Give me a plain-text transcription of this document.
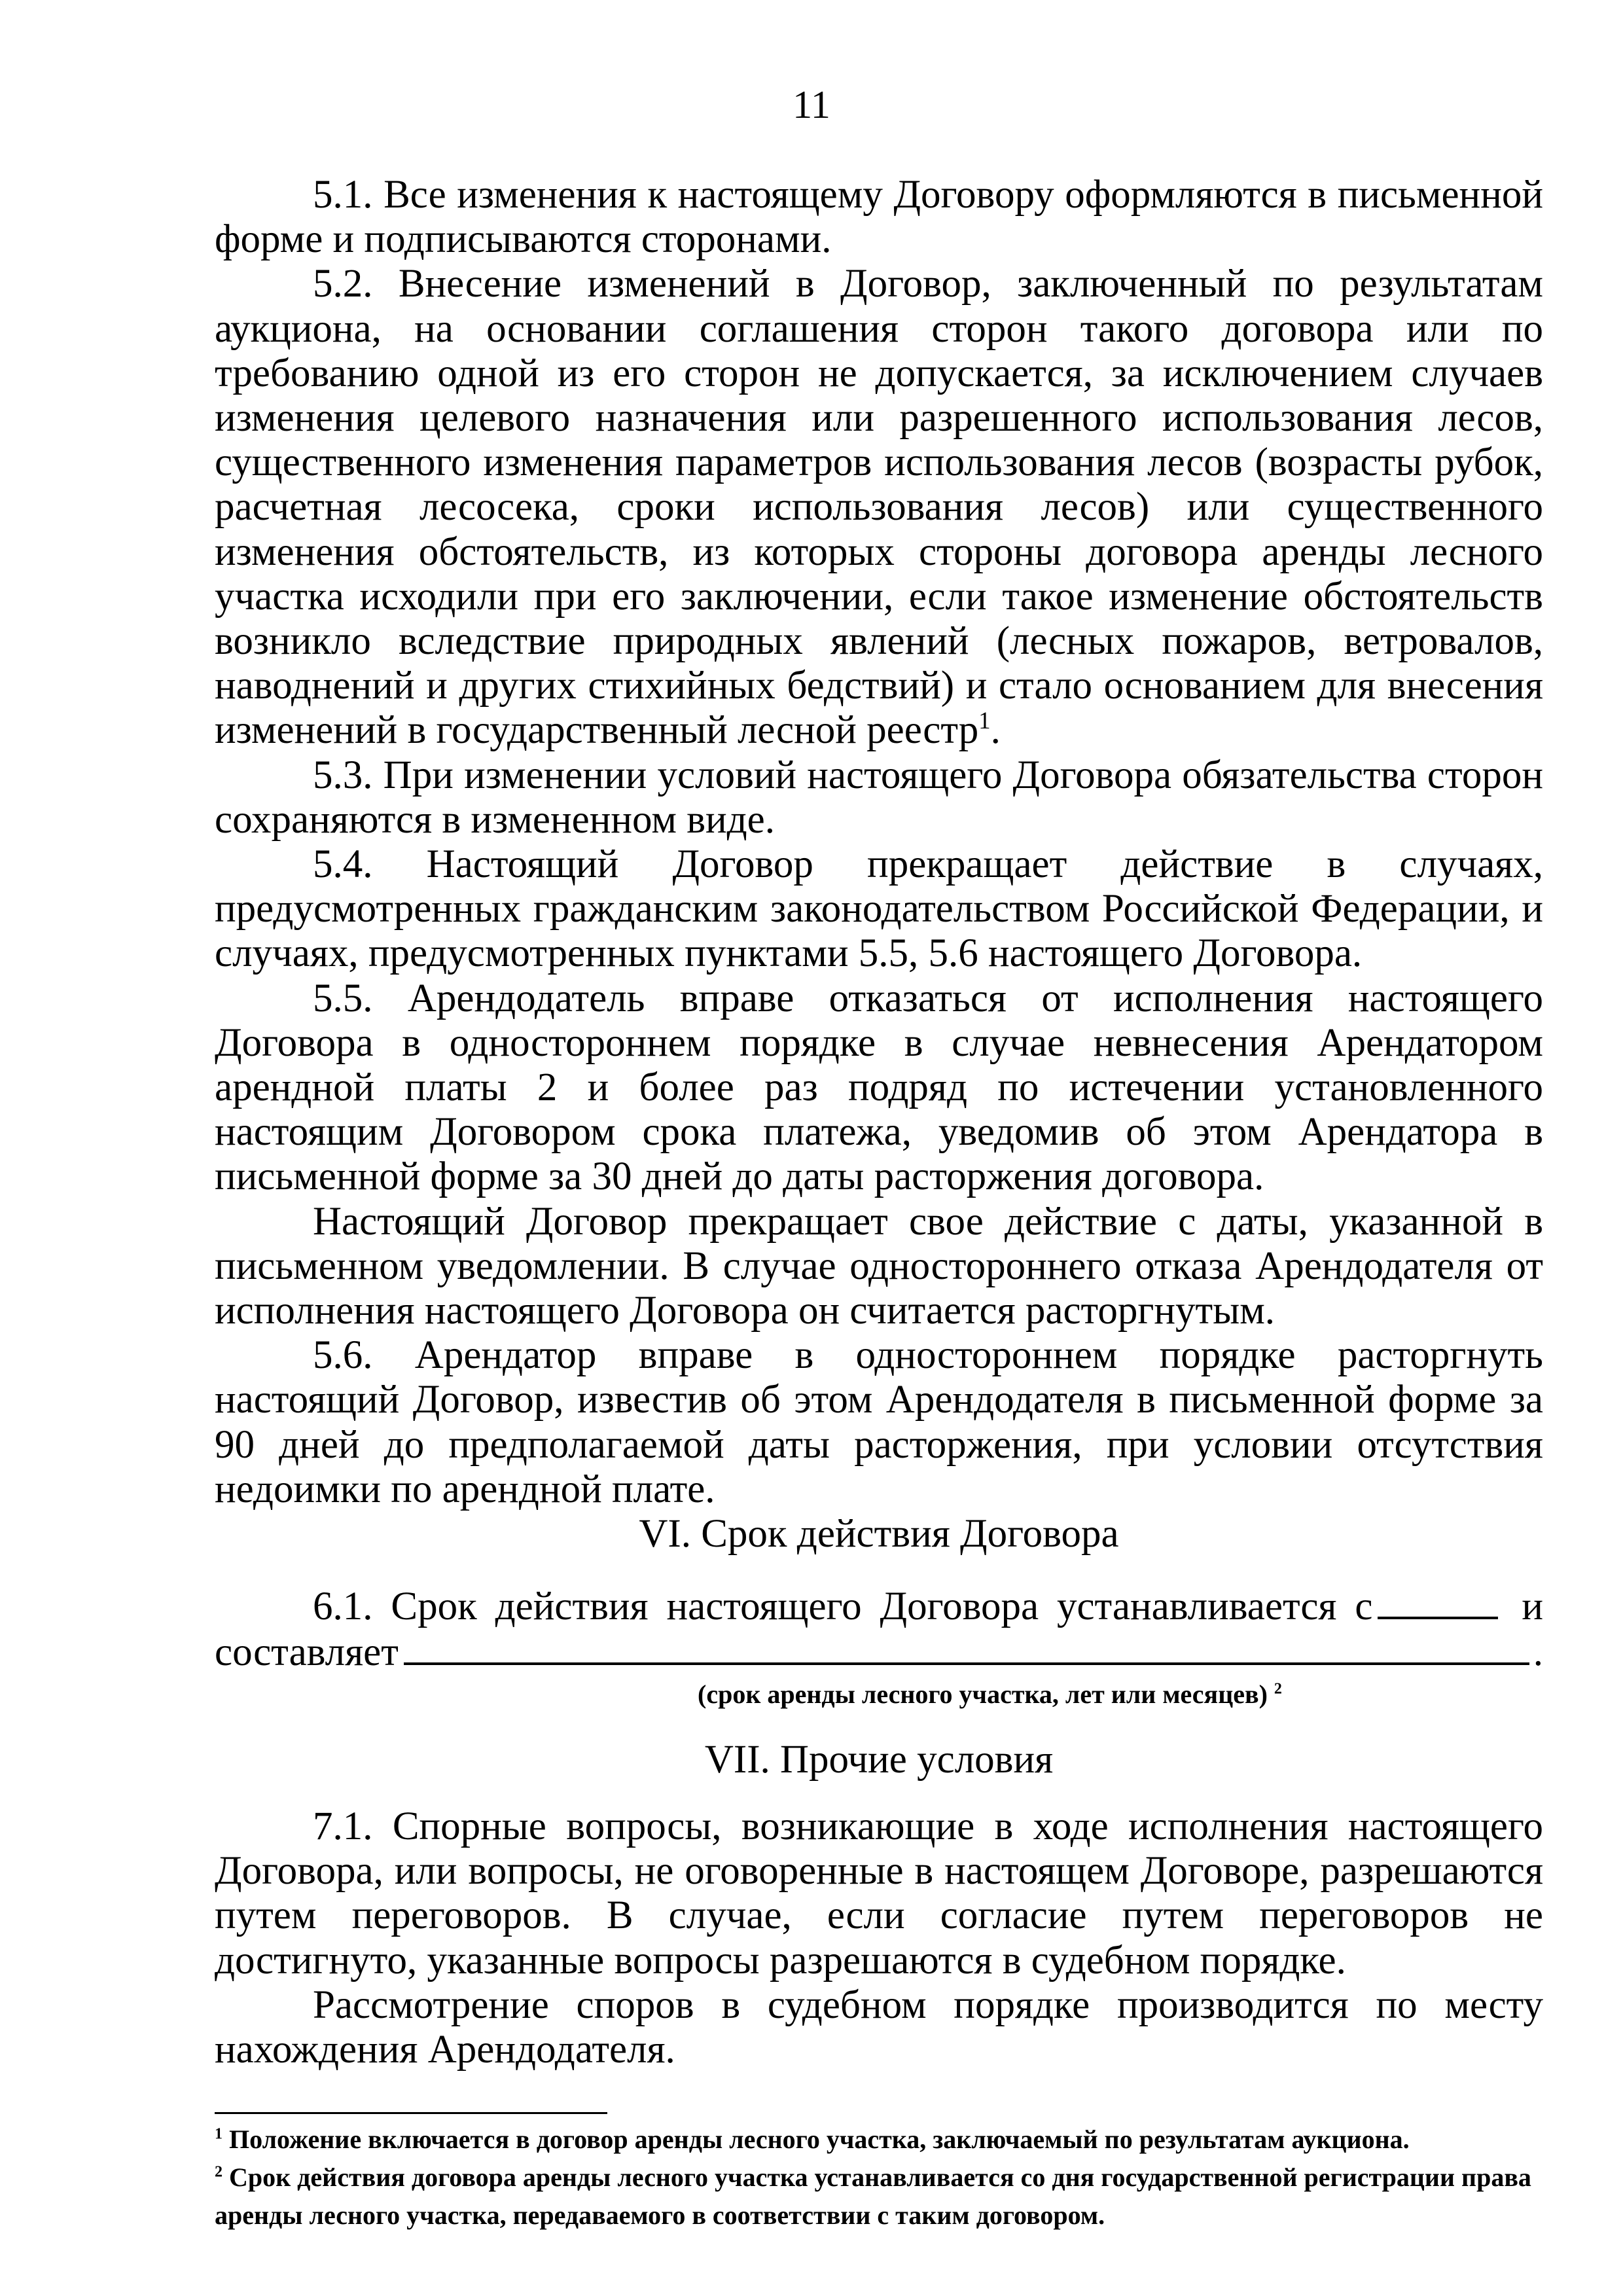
11

5.1. Все изменения к настоящему Договору оформляются в письменной форме и подписываются сторонами.

5.2. Внесение изменений в Договор, заключенный по результатам аукциона, на основании соглашения сторон такого договора или по требованию одной из его сторон не допускается, за исключением случаев изменения целевого назначения или разрешенного использования лесов, существенного изменения параметров использования лесов (возрасты рубок, расчетная лесосека, сроки использования лесов) или существенного изменения обстоятельств, из которых стороны договора аренды лесного участка исходили при его заключении, если такое изменение обстоятельств возникло вследствие природных явлений (лесных пожаров, ветровалов, наводнений и других стихийных бедствий) и стало основанием для внесения изменений в государственный лесной реестр$^1$.

5.3. При изменении условий настоящего Договора обязательства сторон сохраняются в измененном виде.

5.4. Настоящий Договор прекращает действие в случаях, предусмотренных гражданским законодательством Российской Федерации, и случаях, предусмотренных пунктами 5.5, 5.6 настоящего Договора.

5.5. Арендодатель вправе отказаться от исполнения настоящего Договора в одностороннем порядке в случае невнесения Арендатором арендной платы 2 и более раз подряд по истечении установленного настоящим Договором срока платежа, уведомив об этом Арендатора в письменной форме за 30 дней до даты расторжения договора.

Настоящий Договор прекращает свое действие с даты, указанной в письменном уведомлении. В случае одностороннего отказа Арендодателя от исполнения настоящего Договора он считается расторгнутым.

5.6. Арендатор вправе в одностороннем порядке расторгнуть настоящий Договор, известив об этом Арендодателя в письменной форме за 90 дней до предполагаемой даты расторжения, при условии отсутствия недоимки по арендной плате.

VI. Срок действия Договора

6.1. Срок действия настоящего Договора устанавливается с	и

составляет	.
(срок аренды лесного участка, лет или месяцев) $^2$
VII. Прочие условия

7.1. Спорные вопросы, возникающие в ходе исполнения настоящего Договора, или вопросы, не оговоренные в настоящем Договоре, разрешаются путем переговоров. В случае, если согласие путем переговоров не достигнуто, указанные вопросы разрешаются в судебном порядке.

Рассмотрение споров в судебном порядке производится по месту нахождения Арендодателя.

$^1$ Положение включается в договор аренды лесного участка, заключаемый по результатам аукциона.
$^2$ Срок действия договора аренды лесного участка устанавливается со дня государственной регистрации права аренды лесного участка, передаваемого в соответствии с таким договором.
